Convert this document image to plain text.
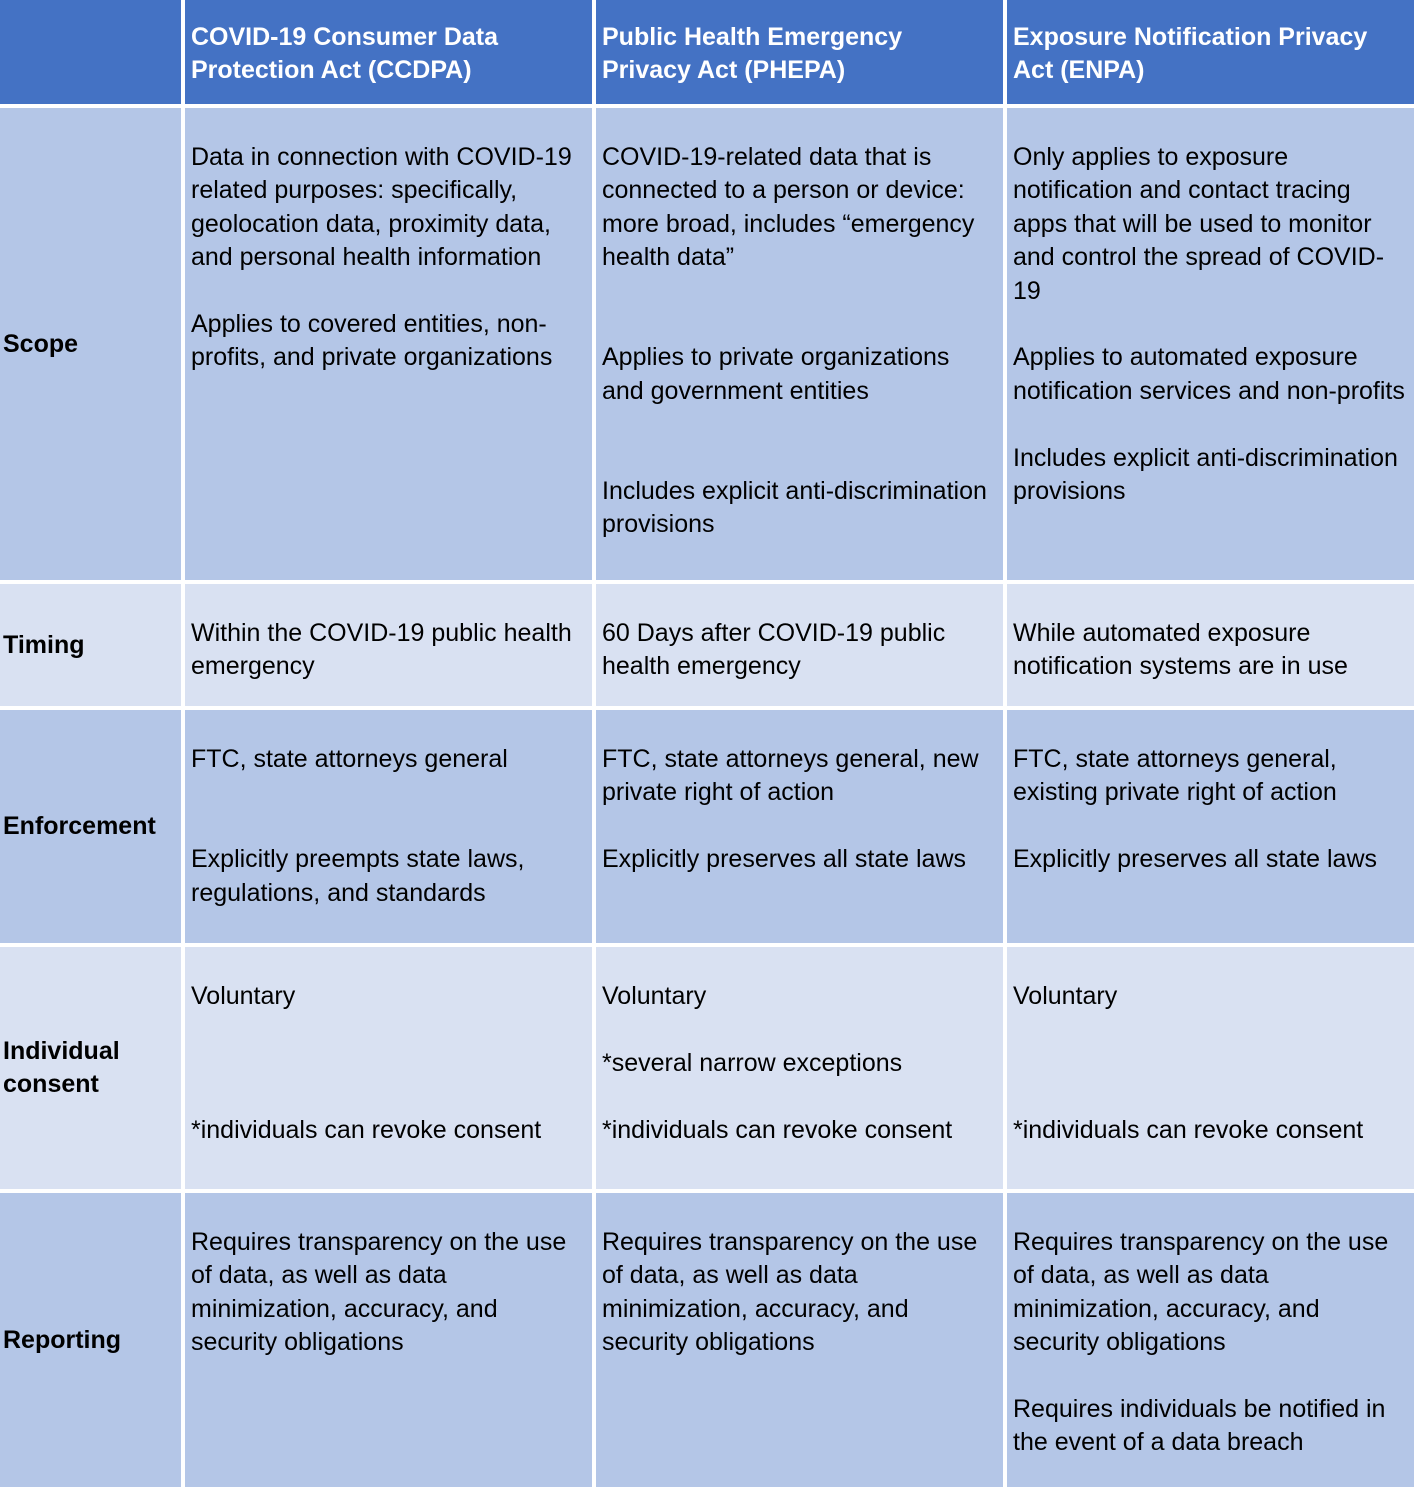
COVID-19 Consumer Data Protection Act (CCDPA)
Public Health Emergency Privacy Act (PHEPA)
Exposure Notification Privacy Act (ENPA)
Scope
Data in connection with COVID-19 related purposes: specifically, geolocation data, proximity data, and personal health information
Applies to covered entities, non-profits, and private organizations
COVID-19-related data that is connected to a person or device: more broad, includes “emergency health data”
Applies to private organizations and government entities
Includes explicit anti-discrimination provisions
Only applies to exposure notification and contact tracing apps that will be used to monitor and control the spread of COVID-19
Applies to automated exposure notification services and non-profits
Includes explicit anti-discrimination provisions
Timing	Within the COVID-19 public health emergency
60 Days after COVID-19 public health emergency
While automated exposure notification systems are in use
Enforcement
FTC, state attorneys general
Explicitly preempts state laws, regulations, and standards
FTC, state attorneys general, new private right of action
Explicitly preserves all state laws
FTC, state attorneys general, existing private right of action
Explicitly preserves all state laws
Individual consent
Voluntary
*individuals can revoke consent
Voluntary
*several narrow exceptions
*individuals can revoke consent
Voluntary
*individuals can revoke consent
Reporting
Requires transparency on the use of data, as well as data minimization, accuracy, and security obligations
Requires transparency on the use of data, as well as data minimization, accuracy, and security obligations
Requires transparency on the use of data, as well as data minimization, accuracy, and security obligations
Requires individuals be notified in the event of a data breach
